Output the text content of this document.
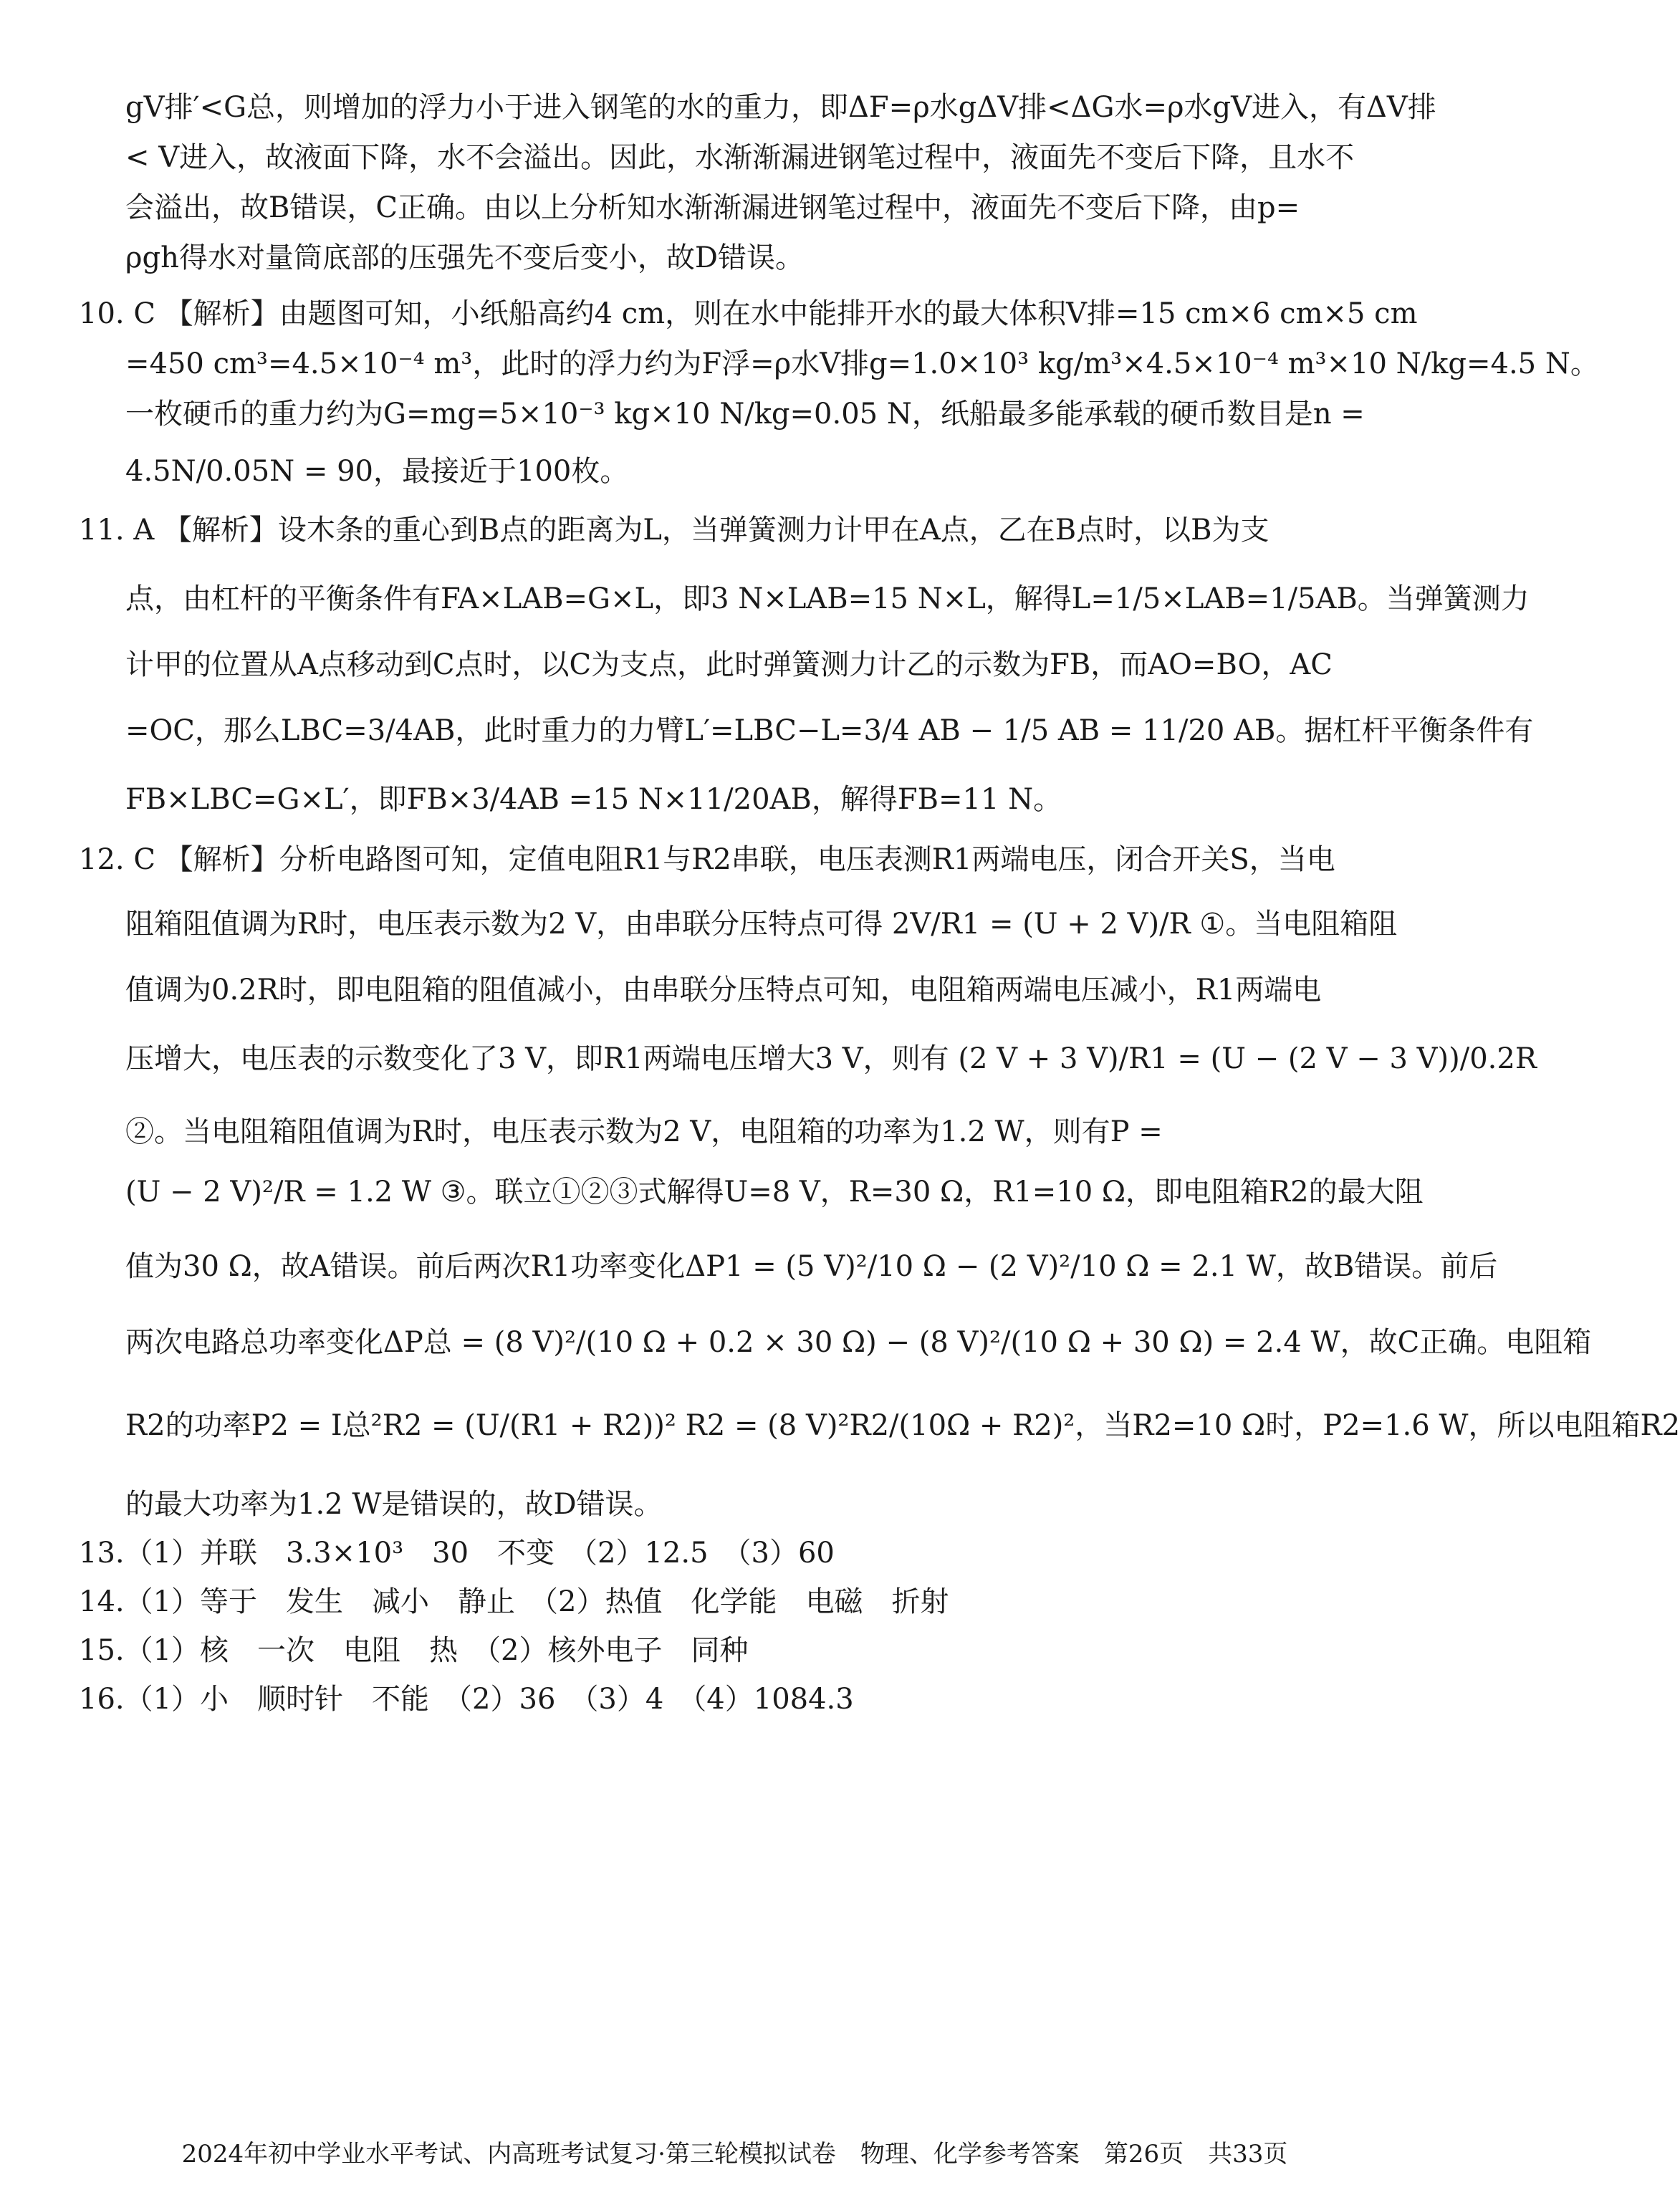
gV排′<G总，则增加的浮力小于进入钢笔的水的重力，即ΔF=ρ水gΔV排<ΔG水=ρ水gV进入，有ΔV排
< V进入，故液面下降，水不会溢出。因此，水渐渐漏进钢笔过程中，液面先不变后下降，且水不
会溢出，故B错误，C正确。由以上分析知水渐渐漏进钢笔过程中，液面先不变后下降，由p=
ρgh得水对量筒底部的压强先不变后变小，故D错误。
10. C 【解析】由题图可知，小纸船高约4 cm，则在水中能排开水的最大体积V排=15 cm×6 cm×5 cm
=450 cm³=4.5×10⁻⁴ m³，此时的浮力约为F浮=ρ水V排g=1.0×10³ kg/m³×4.5×10⁻⁴ m³×10 N/kg=4.5 N。
一枚硬币的重力约为G=mg=5×10⁻³ kg×10 N/kg=0.05 N，纸船最多能承载的硬币数目是n =
4.5N/0.05N = 90，最接近于100枚。
11. A 【解析】设木条的重心到B点的距离为L，当弹簧测力计甲在A点，乙在B点时，以B为支
点，由杠杆的平衡条件有FA×LAB=G×L，即3 N×LAB=15 N×L，解得L=1/5×LAB=1/5AB。当弹簧测力
计甲的位置从A点移动到C点时，以C为支点，此时弹簧测力计乙的示数为FB，而AO=BO，AC
=OC，那么LBC=3/4AB，此时重力的力臂L′=LBC−L=3/4 AB − 1/5 AB = 11/20 AB。据杠杆平衡条件有
FB×LBC=G×L′，即FB×3/4AB =15 N×11/20AB，解得FB=11 N。
12. C 【解析】分析电路图可知，定值电阻R1与R2串联，电压表测R1两端电压，闭合开关S，当电
阻箱阻值调为R时，电压表示数为2 V，由串联分压特点可得 2V/R1 = (U + 2 V)/R ①。当电阻箱阻
值调为0.2R时，即电阻箱的阻值减小，由串联分压特点可知，电阻箱两端电压减小，R1两端电
压增大，电压表的示数变化了3 V，即R1两端电压增大3 V，则有 (2 V + 3 V)/R1 = (U − (2 V − 3 V))/0.2R
②。当电阻箱阻值调为R时，电压表示数为2 V，电阻箱的功率为1.2 W，则有P =
(U − 2 V)²/R = 1.2 W ③。联立①②③式解得U=8 V，R=30 Ω，R1=10 Ω，即电阻箱R2的最大阻
值为30 Ω，故A错误。前后两次R1功率变化ΔP1 = (5 V)²/10 Ω − (2 V)²/10 Ω = 2.1 W，故B错误。前后
两次电路总功率变化ΔP总 = (8 V)²/(10 Ω + 0.2 × 30 Ω) − (8 V)²/(10 Ω + 30 Ω) = 2.4 W，故C正确。电阻箱
R2的功率P2 = I总²R2 = (U/(R1 + R2))² R2 = (8 V)²R2/(10Ω + R2)²，当R2=10 Ω时，P2=1.6 W，所以电阻箱R2
的最大功率为1.2 W是错误的，故D错误。
13.（1）并联　3.3×10³　30　不变　（2）12.5　（3）60
14.（1）等于　发生　减小　静止　（2）热值　化学能　电磁　折射
15.（1）核　一次　电阻　热　（2）核外电子　同种
16.（1）小　顺时针　不能　（2）36　（3）4　（4）1084.3
2024年初中学业水平考试、内高班考试复习·第三轮模拟试卷　物理、化学参考答案　第26页　共33页
